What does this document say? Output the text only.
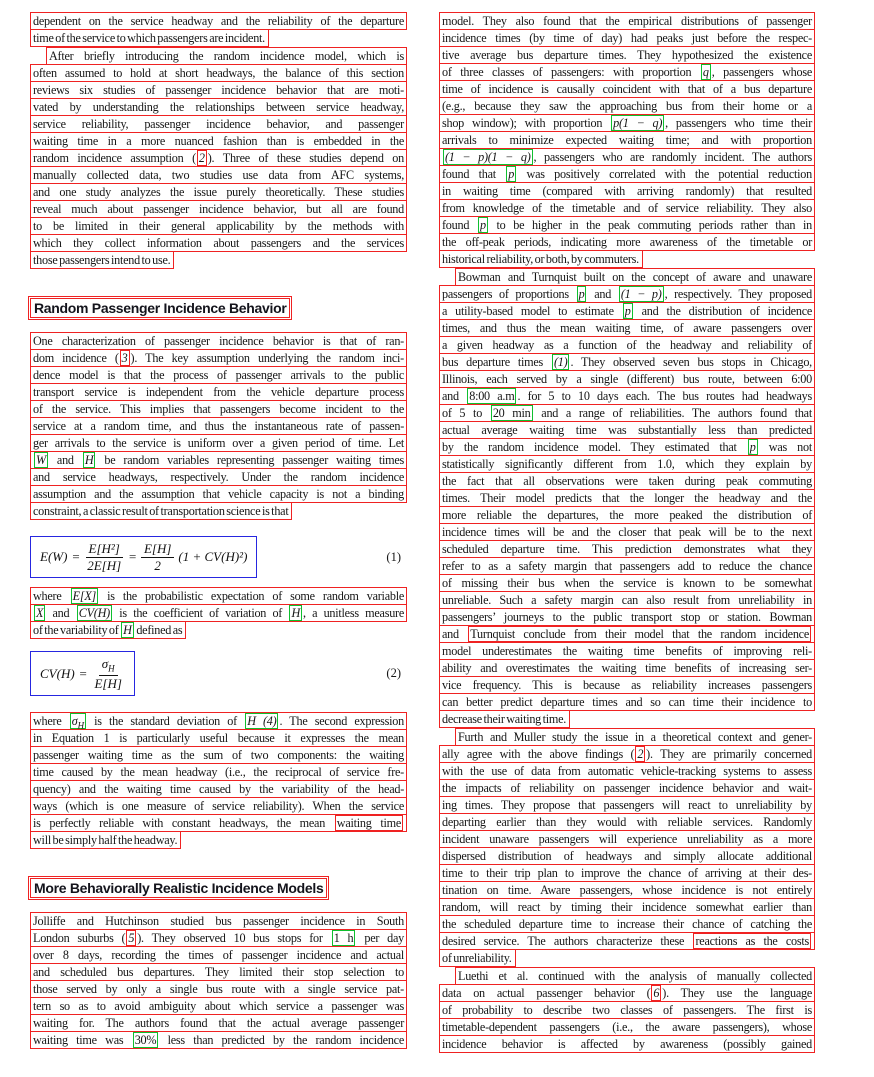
dependent on the service headway and the reliability of the departure
time of the service to which passengers are incident.
After briefly introducing the random incidence model, which is
often assumed to hold at short headways, the balance of this section
reviews six studies of passenger incidence behavior that are moti-
vated by understanding the relationships between service headway,
service reliability, passenger incidence behavior, and passenger
waiting time in a more nuanced fashion than is embedded in the
random incidence assumption ( 2 ). Three of these studies depend on
manually collected data, two studies use data from AFC systems,
and one study analyzes the issue purely theoretically. These studies
reveal much about passenger incidence behavior, but all are found
to be limited in their general applicability by the methods with
which they collect information about passengers and the services
those passengers intend to use.
Random Passenger Incidence Behavior
One characterization of passenger incidence behavior is that of ran-
dom incidence ( 3 ). The key assumption underlying the random inci-
dence model is that the process of passenger arrivals to the public
transport service is independent from the vehicle departure process
of the service. This implies that passengers become incident to the
service at a random time, and thus the instantaneous rate of passen-
ger arrivals to the service is uniform over a given period of time. Let
W and H be random variables representing passenger waiting times
and service headways, respectively. Under the random incidence
assumption and the assumption that vehicle capacity is not a binding
constraint, a classic result of transportation science is that
$E(W) = \frac{\text{E[H²]}}{2E[H]} = \frac{E[H]}{2} (1 + CV(H)^2)$	(1)
where E[X] is the probabilistic expectation of some random variable
X and CV(H) is the coefficient of variation of H , a unitless measure
of the variability of H defined as
$CV(H) = \frac{\sigma_H}{E[H]}$	(2)
where $\sigma_H$ is the standard deviation of H (4) . The second expression
in Equation 1 is particularly useful because it expresses the mean
passenger waiting time as the sum of two components: the waiting
time caused by the mean headway (i.e., the reciprocal of service fre-
quency) and the waiting time caused by the variability of the head-
ways (which is one measure of service reliability). When the service
is perfectly reliable with constant headways, the mean waiting time
will be simply half the headway.
More Behaviorally Realistic Incidence Models
Jolliffe and Hutchinson studied bus passenger incidence in South
London suburbs ( 5 ). They observed 10 bus stops for 1 h per day
over 8 days, recording the times of passenger incidence and actual
and scheduled bus departures. They limited their stop selection to
those served by only a single bus route with a single service pat-
tern so as to avoid ambiguity about which service a passenger was
waiting for. The authors found that the actual average passenger
waiting time was 30% less than predicted by the random incidence
model. They also found that the empirical distributions of passenger
incidence times (by time of day) had peaks just before the respec-
tive average bus departure times. They hypothesized the existence
of three classes of passengers: with proportion q , passengers whose
time of incidence is causally coincident with that of a bus departure
(e.g., because they saw the approaching bus from their home or a
shop window); with proportion p(1 − q) , passengers who time their
arrivals to minimize expected waiting time; and with proportion
(1 − p)(1 − q) , passengers who are randomly incident. The authors
found that p was positively correlated with the potential reduction
in waiting time (compared with arriving randomly) that resulted
from knowledge of the timetable and of service reliability. They also
found p to be higher in the peak commuting periods rather than in
the off-peak periods, indicating more awareness of the timetable or
historical reliability, or both, by commuters.
Bowman and Turnquist built on the concept of aware and unaware
passengers of proportions p and (1 − p) , respectively. They proposed
a utility-based model to estimate p and the distribution of incidence
times, and thus the mean waiting time, of aware passengers over
a given headway as a function of the headway and reliability of
bus departure times (1) . They observed seven bus stops in Chicago,
Illinois, each served by a single (different) bus route, between 6:00
and 8:00 a.m . for 5 to 10 days each. The bus routes had headways
of 5 to 20 min and a range of reliabilities. The authors found that
actual average waiting time was substantially less than predicted
by the random incidence model. They estimated that p was not
statistically significantly different from 1.0, which they explain by
the fact that all observations were taken during peak commuting
times. Their model predicts that the longer the headway and the
more reliable the departures, the more peaked the distribution of
incidence times will be and the closer that peak will be to the next
scheduled departure time. This prediction demonstrates what they
refer to as a safety margin that passengers add to reduce the chance
of missing their bus when the service is known to be somewhat
unreliable. Such a safety margin can also result from unreliability in
passengers’ journeys to the public transport stop or station. Bowman
and Turnquist conclude from their model that the random incidence
model underestimates the waiting time benefits of improving reli-
ability and overestimates the waiting time benefits of increasing ser-
vice frequency. This is because as reliability increases passengers
can better predict departure times and so can time their incidence to
decrease their waiting time.
Furth and Muller study the issue in a theoretical context and gener-
ally agree with the above findings ( 2 ). They are primarily concerned
with the use of data from automatic vehicle-tracking systems to assess
the impacts of reliability on passenger incidence behavior and wait-
ing times. They propose that passengers will react to unreliability by
departing earlier than they would with reliable services. Randomly
incident unaware passengers will experience unreliability as a more
dispersed distribution of headways and simply allocate additional
time to their trip plan to improve the chance of arriving at their des-
tination on time. Aware passengers, whose incidence is not entirely
random, will react by timing their incidence somewhat earlier than
the scheduled departure time to increase their chance of catching the
desired service. The authors characterize these reactions as the costs
of unreliability.
Luethi et al. continued with the analysis of manually collected
data on actual passenger behavior ( 6 ). They use the language
of probability to describe two classes of passengers. The first is
timetable-dependent passengers (i.e., the aware passengers), whose
incidence behavior is affected by awareness (possibly gained
